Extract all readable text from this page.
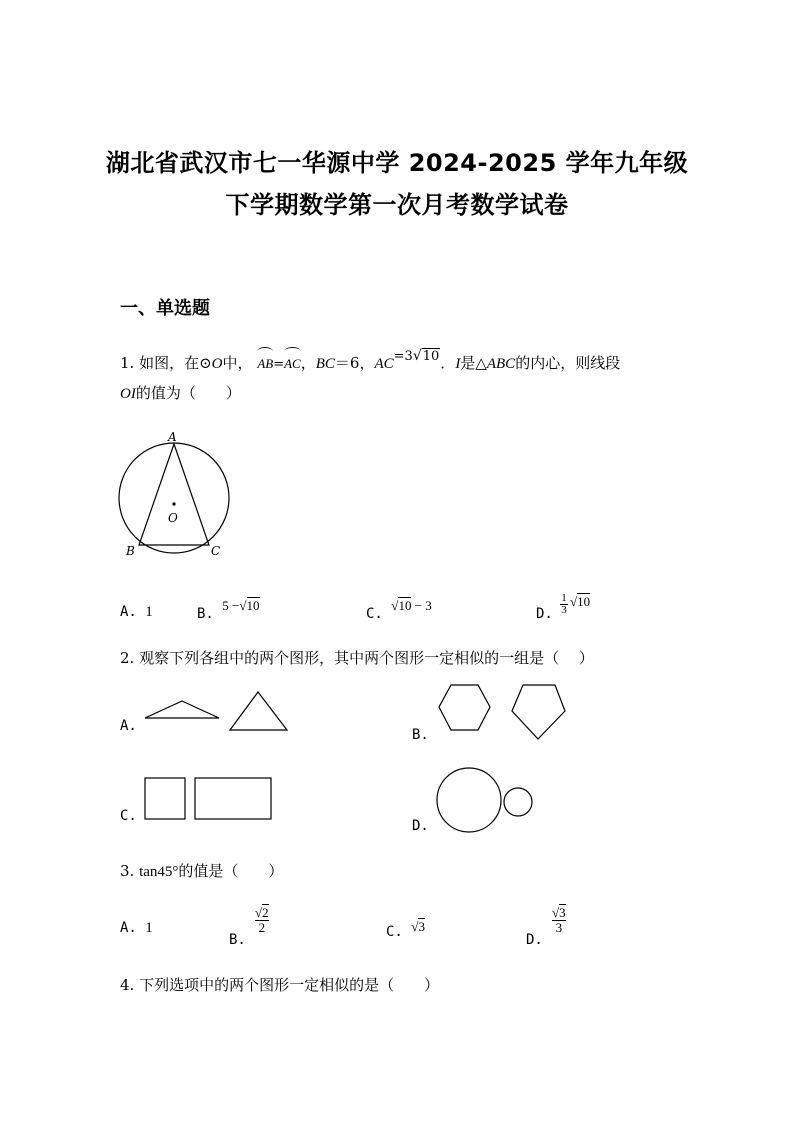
湖北省武汉市七一华源中学 2024-2025 学年九年级
下学期数学第一次月考数学试卷
一、单选题
1. 如图，在⊙O中， AB=
AC，BC＝6，AC=3√10．I是△ABC的内心，则线段
OI的值为（　　）
A
B	C
O
A. 1	B. 5 −√10
C. √10 − 3
D. $\frac{1}{3} √10$
2. 观察下列各组中的两个图形，其中两个图形一定相似的一组是（　 ）
A.
B.
C.
D.
3. tan45°的值是（　　）
A. 1
B.
$\frac{√2}{2}$	C. √3
D.
$\frac{√3}{3}$
4. 下列选项中的两个图形一定相似的是（　　）
